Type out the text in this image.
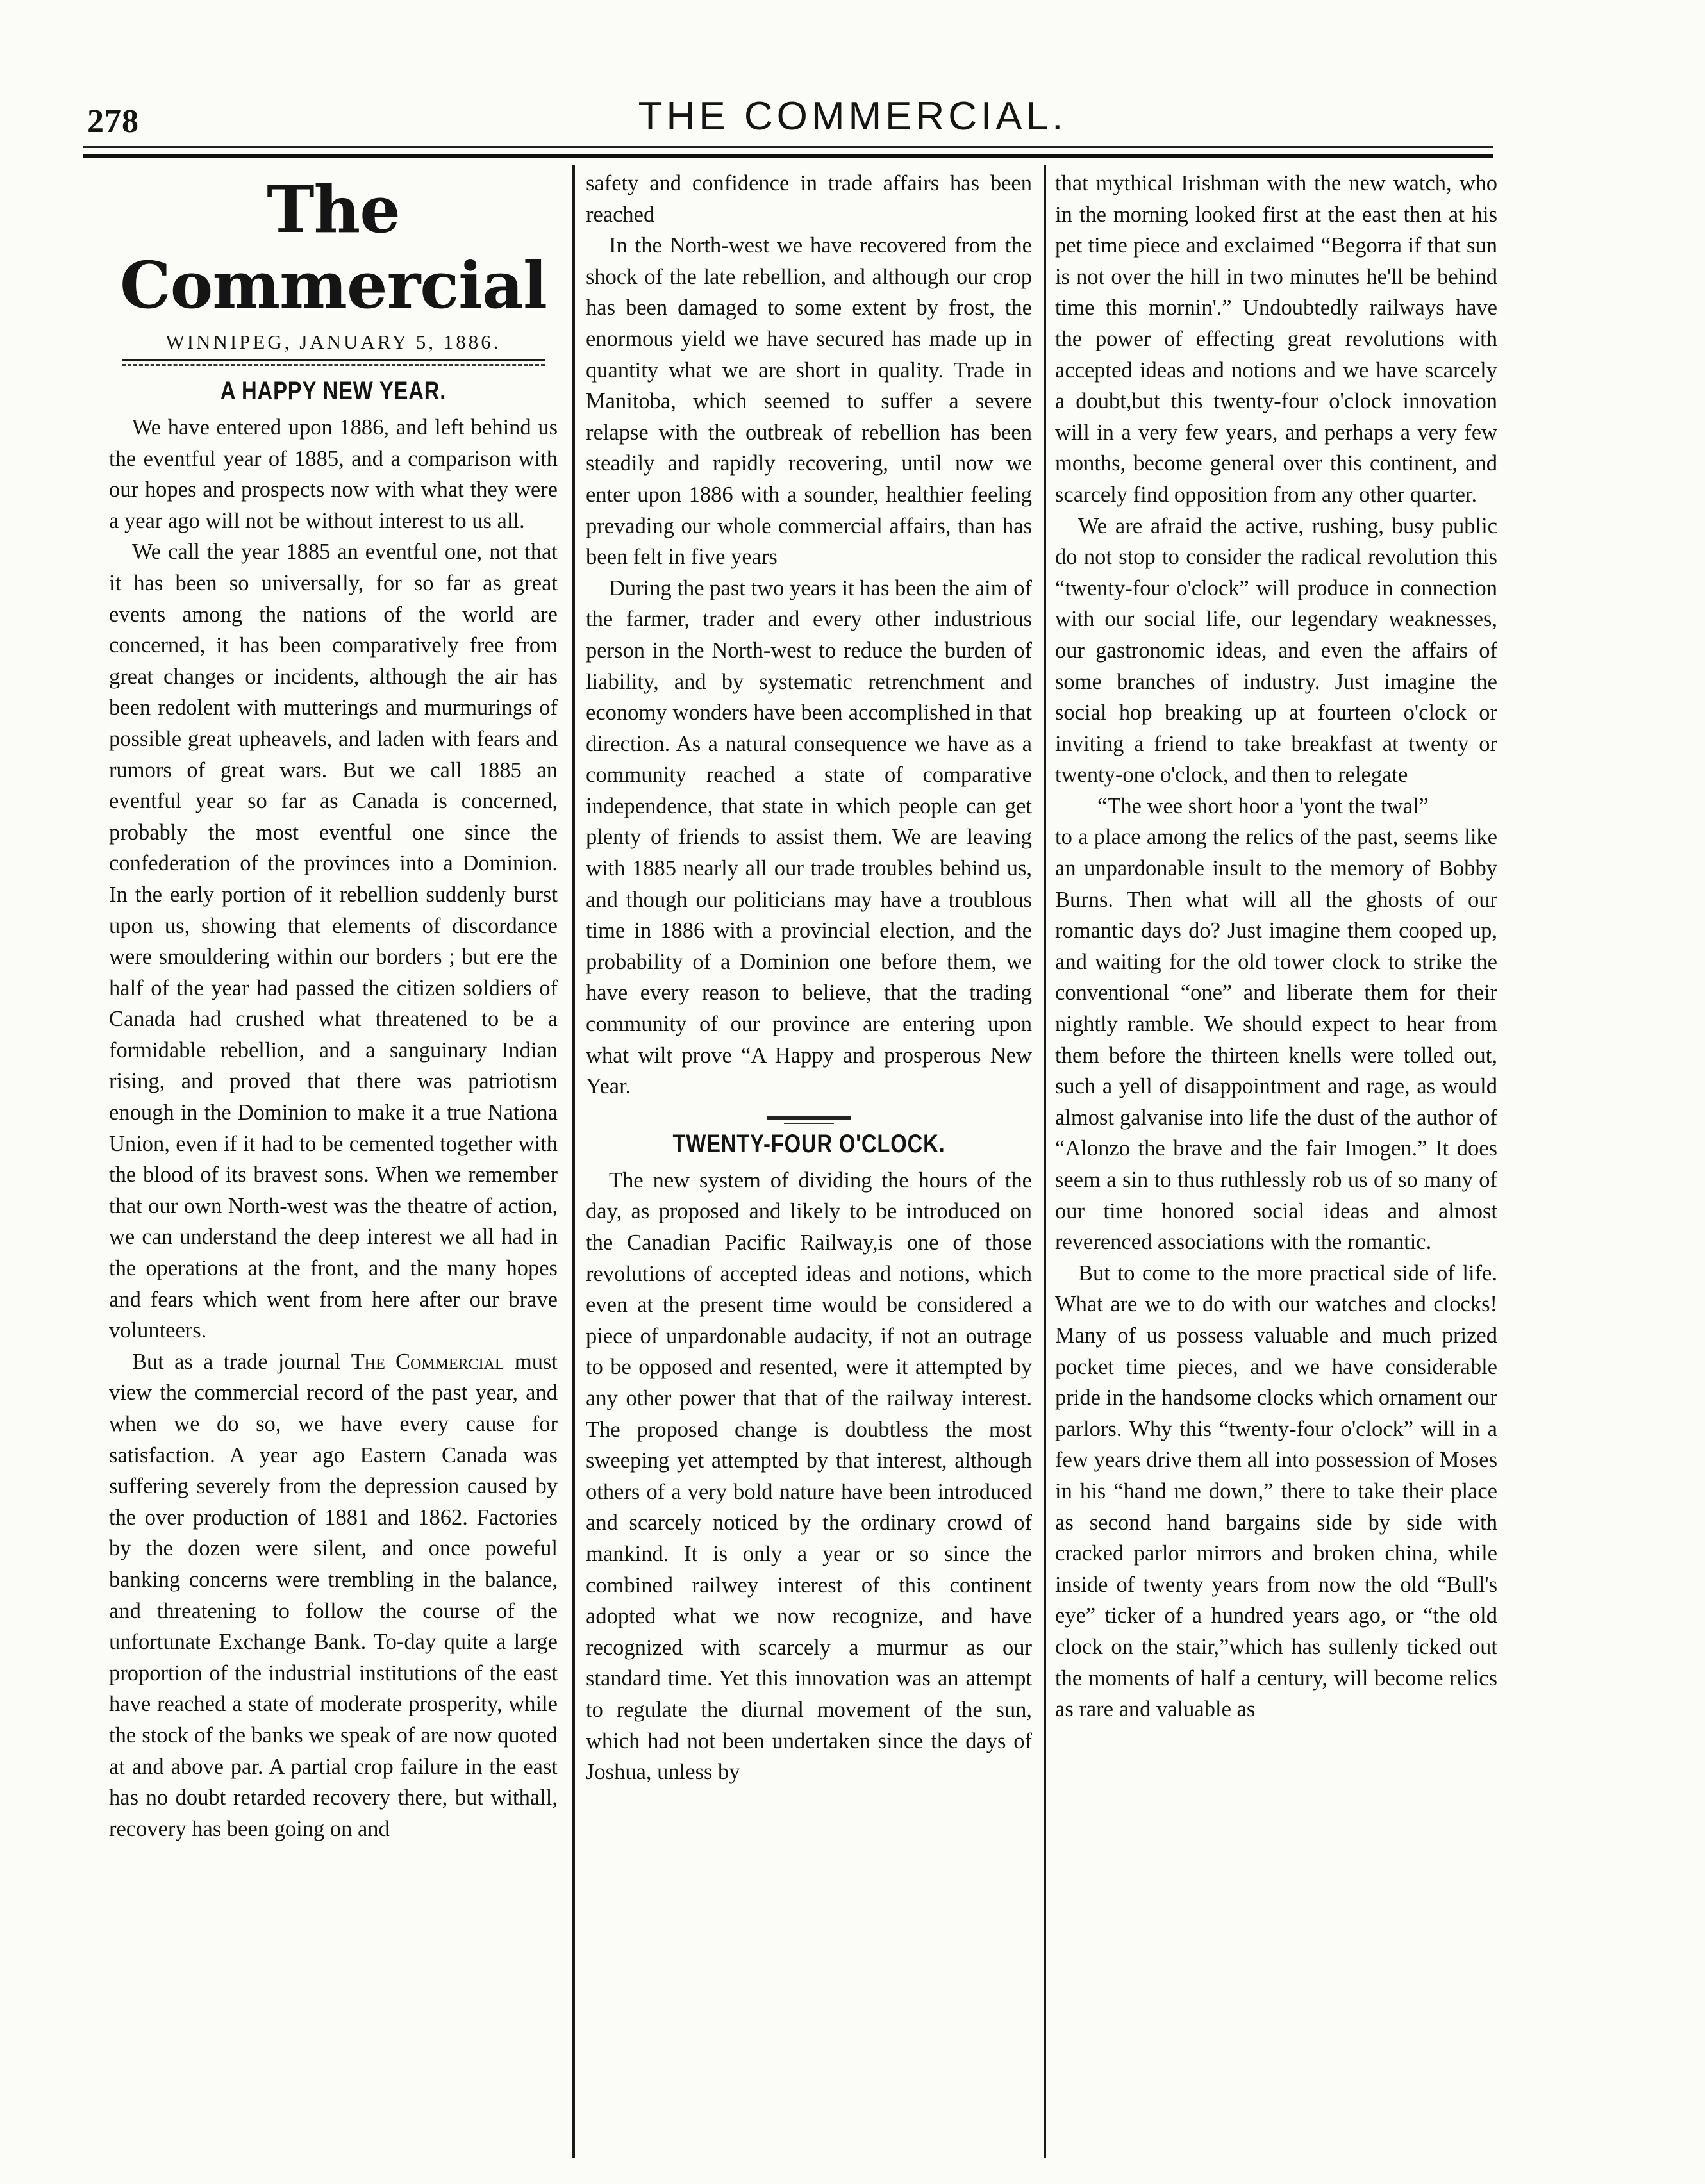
278	THE COMMERCIAL.
The Commercial
WINNIPEG, JANUARY 5, 1886.
A HAPPY NEW YEAR.

We have entered upon 1886, and left behind us the eventful year of 1885, and a comparison with our hopes and prospects now with what they were a year ago will not be without interest to us all.

We call the year 1885 an eventful one, not that it has been so universally, for so far as great events among the nations of the world are concerned, it has been comparatively free from great changes or incidents, although the air has been redolent with mutterings and murmurings of possible great upheavels, and laden with fears and rumors of great wars. But we call 1885 an eventful year so far as Canada is concerned, probably the most eventful one since the confederation of the provinces into a Dominion. In the early portion of it rebellion suddenly burst upon us, showing that elements of discordance were smouldering within our borders ; but ere the half of the year had passed the citizen soldiers of Canada had crushed what threatened to be a formidable rebellion, and a sanguinary Indian rising, and proved that there was patriotism enough in the Dominion to make it a true Nationa Union, even if it had to be cemented together with the blood of its bravest sons. When we remember that our own North-west was the theatre of action, we can understand the deep interest we all had in the operations at the front, and the many hopes and fears which went from here after our brave volunteers.

But as a trade journal The Commercial must view the commercial record of the past year, and when we do so, we have every cause for satisfaction. A year ago Eastern Canada was suffering severely from the depression caused by the over production of 1881 and 1862. Factories by the dozen were silent, and once poweful banking concerns were trembling in the balance, and threatening to follow the course of the unfortunate Exchange Bank. To-day quite a large proportion of the industrial institutions of the east have reached a state of moderate prosperity, while the stock of the banks we speak of are now quoted at and above par. A partial crop failure in the east has no doubt retarded recovery there, but withall, recovery has been going on and

safety and confidence in trade affairs has been reached

In the North-west we have recovered from the shock of the late rebellion, and although our crop has been damaged to some extent by frost, the enormous yield we have secured has made up in quantity what we are short in quality. Trade in Manitoba, which seemed to suffer a severe relapse with the outbreak of rebellion has been steadily and rapidly recovering, until now we enter upon 1886 with a sounder, healthier feeling prevading our whole commercial affairs, than has been felt in five years

During the past two years it has been the aim of the farmer, trader and every other industrious person in the North-west to reduce the burden of liability, and by systematic retrenchment and economy wonders have been accomplished in that direction. As a natural consequence we have as a community reached a state of comparative independence, that state in which people can get plenty of friends to assist them. We are leaving with 1885 nearly all our trade troubles behind us, and though our politicians may have a troublous time in 1886 with a provincial election, and the probability of a Dominion one before them, we have every reason to believe, that the trading community of our province are entering upon what wilt prove “A Happy and prosperous New Year.

TWENTY-FOUR O'CLOCK.

The new system of dividing the hours of the day, as proposed and likely to be introduced on the Canadian Pacific Railway,is one of those revolutions of accepted ideas and notions, which even at the present time would be considered a piece of unpardonable audacity, if not an outrage to be opposed and resented, were it attempted by any other power that that of the railway interest. The proposed change is doubtless the most sweeping yet attempted by that interest, although others of a very bold nature have been introduced and scarcely noticed by the ordinary crowd of mankind. It is only a year or so since the combined railwey interest of this continent adopted what we now recognize, and have recognized with scarcely a murmur as our standard time. Yet this innovation was an attempt to regulate the diurnal movement of the sun, which had not been undertaken since the days of Joshua, unless by

that mythical Irishman with the new watch, who in the morning looked first at the east then at his pet time piece and exclaimed “Begorra if that sun is not over the hill in two minutes he'll be behind time this mornin'.” Undoubtedly railways have the power of effecting great revolutions with accepted ideas and notions and we have scarcely a doubt,but this twenty-four o'clock innovation will in a very few years, and perhaps a very few months, become general over this continent, and scarcely find opposition from any other quarter.

We are afraid the active, rushing, busy public do not stop to consider the radical revolution this “twenty-four o'clock” will produce in connection with our social life, our legendary weaknesses, our gastronomic ideas, and even the affairs of some branches of industry. Just imagine the social hop breaking up at fourteen o'clock or inviting a friend to take breakfast at twenty or twenty-one o'clock, and then to relegate

“The wee short hoor a 'yont the twal”

to a place among the relics of the past, seems like an unpardonable insult to the memory of Bobby Burns. Then what will all the ghosts of our romantic days do? Just imagine them cooped up, and waiting for the old tower clock to strike the conventional “one” and liberate them for their nightly ramble. We should expect to hear from them before the thirteen knells were tolled out, such a yell of disappointment and rage, as would almost galvanise into life the dust of the author of “Alonzo the brave and the fair Imogen.” It does seem a sin to thus ruthlessly rob us of so many of our time honored social ideas and almost reverenced associations with the romantic.

But to come to the more practical side of life. What are we to do with our watches and clocks! Many of us possess valuable and much prized pocket time pieces, and we have considerable pride in the handsome clocks which ornament our parlors. Why this “twenty-four o'clock” will in a few years drive them all into possession of Moses in his “hand me down,” there to take their place as second hand bargains side by side with cracked parlor mirrors and broken china, while inside of twenty years from now the old “Bull's eye” ticker of a hundred years ago, or “the old clock on the stair,”which has sullenly ticked out the moments of half a century, will become relics as rare and valuable as
